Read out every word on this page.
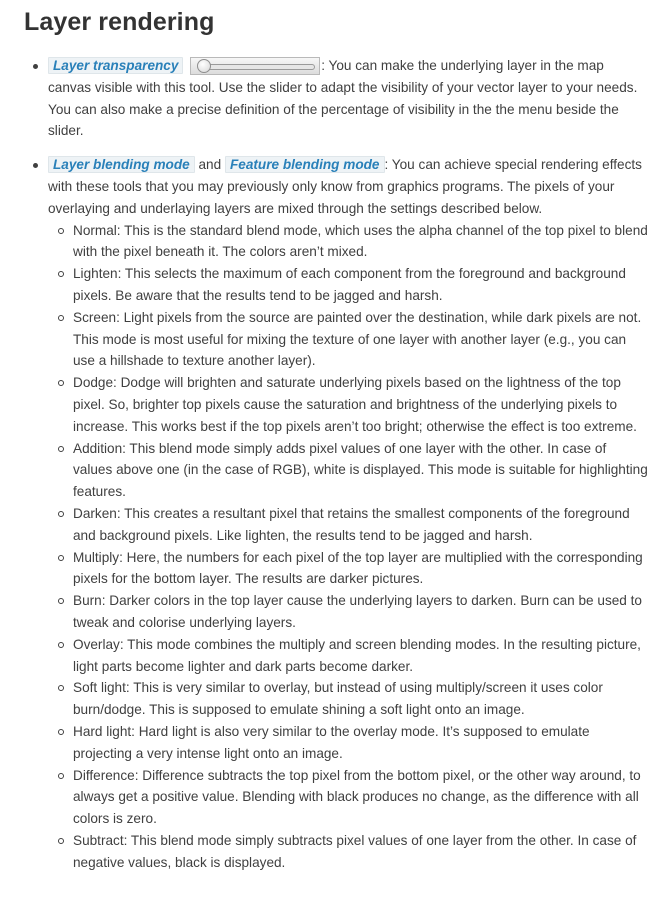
Layer rendering
Layer transparency	: You can make the underlying layer in the map canvas visible with this tool. Use the slider to adapt the visibility of your vector layer to your needs. You can also make a precise definition of the percentage of visibility in the the menu beside the slider.
Layer blending mode and Feature blending mode : You can achieve special rendering effects with these tools that you may previously only know from graphics programs. The pixels of your overlaying and underlaying layers are mixed through the settings described below.
Normal: This is the standard blend mode, which uses the alpha channel of the top pixel to blend with the pixel beneath it. The colors aren’t mixed.
Lighten: This selects the maximum of each component from the foreground and background pixels. Be aware that the results tend to be jagged and harsh.
Screen: Light pixels from the source are painted over the destination, while dark pixels are not. This mode is most useful for mixing the texture of one layer with another layer (e.g., you can use a hillshade to texture another layer).
Dodge: Dodge will brighten and saturate underlying pixels based on the lightness of the top pixel. So, brighter top pixels cause the saturation and brightness of the underlying pixels to increase. This works best if the top pixels aren’t too bright; otherwise the effect is too extreme.
Addition: This blend mode simply adds pixel values of one layer with the other. In case of values above one (in the case of RGB), white is displayed. This mode is suitable for highlighting features.
Darken: This creates a resultant pixel that retains the smallest components of the foreground and background pixels. Like lighten, the results tend to be jagged and harsh.
Multiply: Here, the numbers for each pixel of the top layer are multiplied with the corresponding pixels for the bottom layer. The results are darker pictures.
Burn: Darker colors in the top layer cause the underlying layers to darken. Burn can be used to tweak and colorise underlying layers.
Overlay: This mode combines the multiply and screen blending modes. In the resulting picture, light parts become lighter and dark parts become darker.
Soft light: This is very similar to overlay, but instead of using multiply/screen it uses color burn/dodge. This is supposed to emulate shining a soft light onto an image.
Hard light: Hard light is also very similar to the overlay mode. It’s supposed to emulate projecting a very intense light onto an image.
Difference: Difference subtracts the top pixel from the bottom pixel, or the other way around, to always get a positive value. Blending with black produces no change, as the difference with all colors is zero.
Subtract: This blend mode simply subtracts pixel values of one layer from the other. In case of negative values, black is displayed.
